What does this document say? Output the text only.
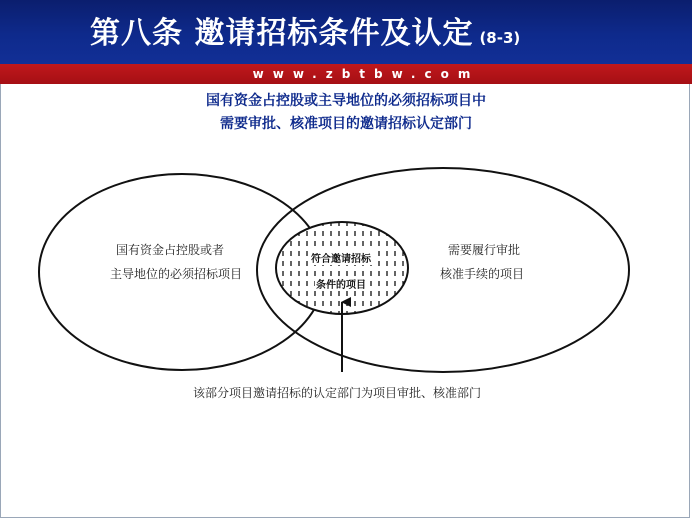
第八条 邀请招标条件及认定 (8-3)
www.zbtbw.com
国有资金占控股或主导地位的必须招标项目中
需要审批、核准项目的邀请招标认定部门
国有资金占控股或者
主导地位的必须招标项目
需要履行审批
核准手续的项目
符合邀请招标
条件的项目
该部分项目邀请招标的认定部门为项目审批、核准部门
